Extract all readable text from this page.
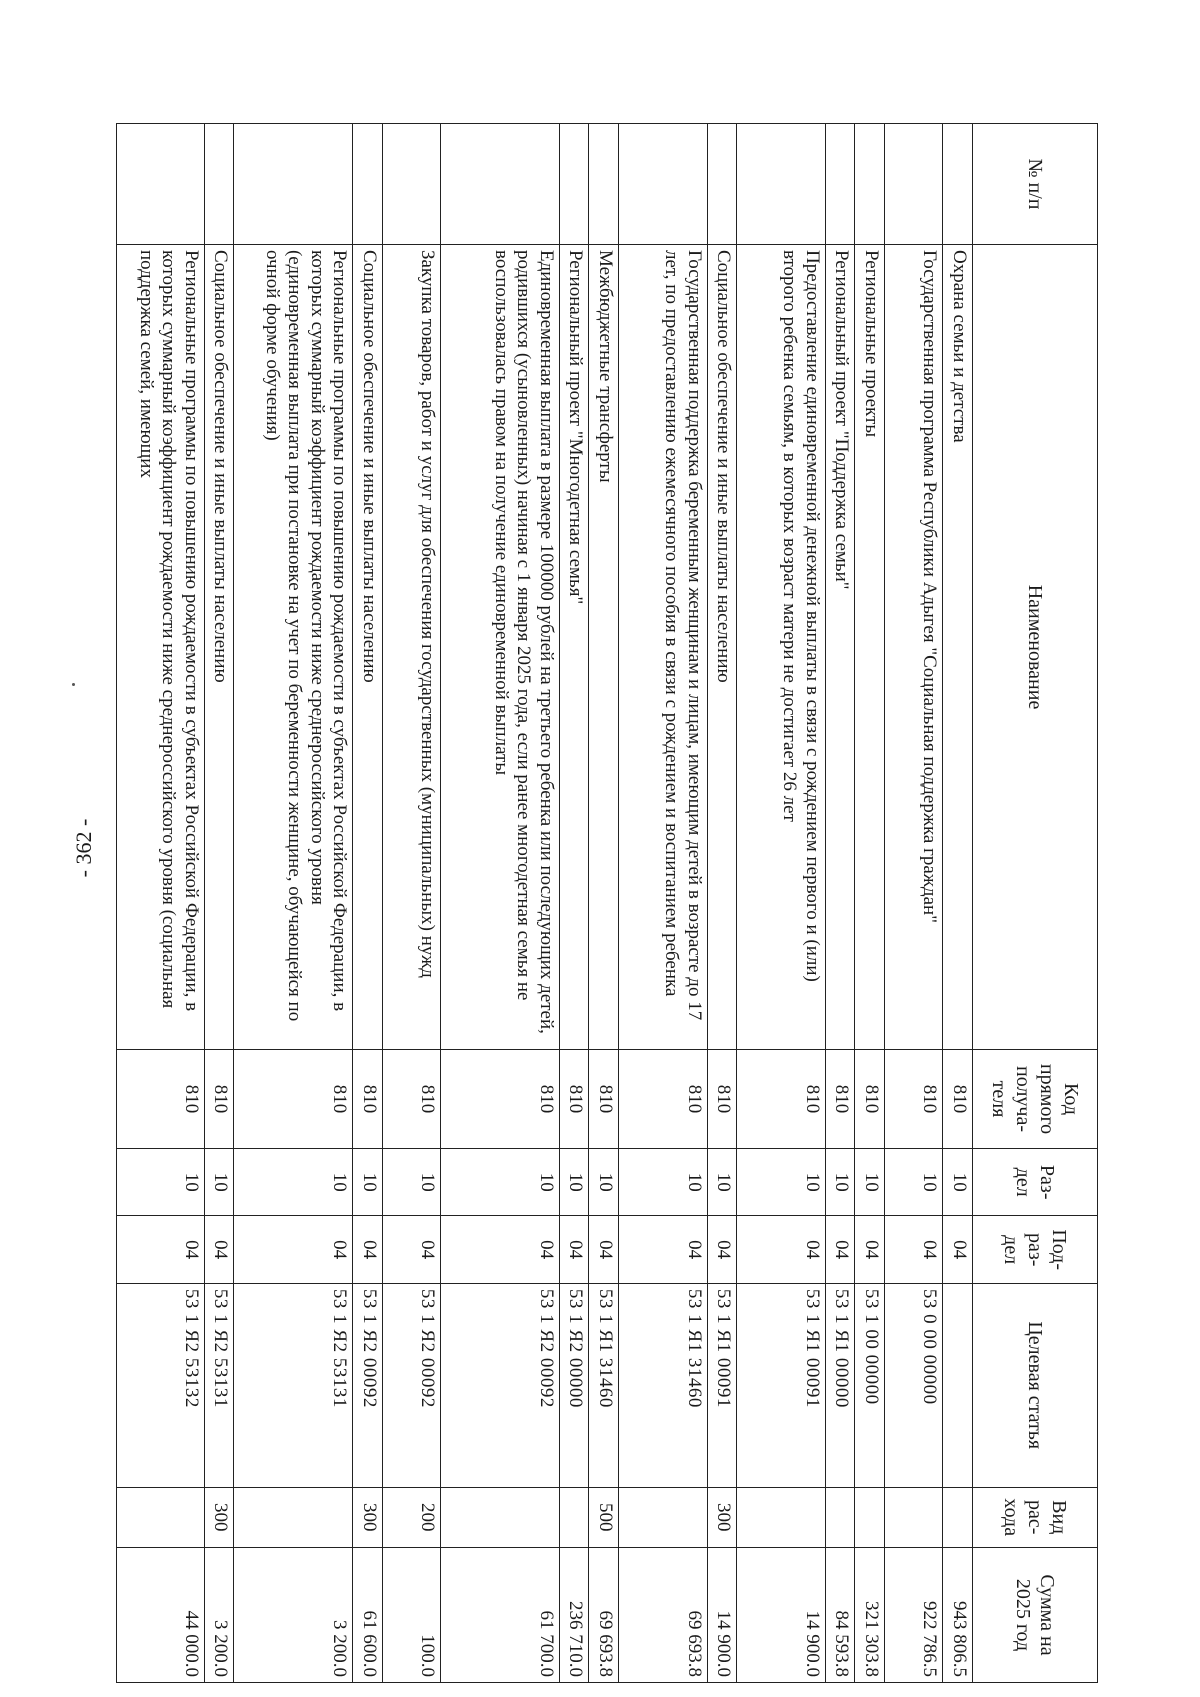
- 362 -
№ п/п	Наименование	Код прямого получа-теля	Раз-дел	Под-раз-дел	Целевая статья	Вид рас-хода	Сумма на 2025 год
	Охрана семьи и детства	810	10	04			943 806.5
	Государственная программа Республики Адыгея "Социальная поддержка граждан"	810	10	04	53 0 00 00000		922 786.5
	Региональные проекты	810	10	04	53 1 00 00000		321 303.8
	Региональный проект "Поддержка семьи"	810	10	04	53 1 Я1 00000		84 593.8
	Предоставление единовременной денежной выплаты в связи с рождением первого и (или) второго ребенка семьям, в которых возраст матери не достигает 26 лет	810	10	04	53 1 Я1 00091		14 900.0
	Социальное обеспечение и иные выплаты населению	810	10	04	53 1 Я1 00091	300	14 900.0
	Государственная поддержка беременным женщинам и лицам, имеющим детей в возрасте до 17 лет, по предоставлению ежемесячного пособия в связи с рождением и воспитанием ребенка	810	10	04	53 1 Я1 31460		69 693.8
	Межбюджетные трансферты	810	10	04	53 1 Я1 31460	500	69 693.8
	Региональный проект "Многодетная семья"	810	10	04	53 1 Я2 00000		236 710.0
	Единовременная выплата в размере 100000 рублей на третьего ребенка или последующих детей, родившихся (усыновленных) начиная с 1 января 2025 года, если ранее многодетная семья не воспользовалась правом на получение единовременной выплаты	810	10	04	53 1 Я2 00092		61 700.0
	Закупка товаров, работ и услуг для обеспечения государственных (муниципальных) нужд	810	10	04	53 1 Я2 00092	200	100.0
	Социальное обеспечение и иные выплаты населению	810	10	04	53 1 Я2 00092	300	61 600.0
	Региональные программы по повышению рождаемости в субъектах Российской Федерации, в которых суммарный коэффициент рождаемости ниже среднероссийского уровня (единовременная выплата при постановке на учет по беременности женщине, обучающейся по очной форме обучения)	810	10	04	53 1 Я2 53131		3 200.0
	Социальное обеспечение и иные выплаты населению	810	10	04	53 1 Я2 53131	300	3 200.0
	Региональные программы по повышению рождаемости в субъектах Российской Федерации, в которых суммарный коэффициент рождаемости ниже среднероссийского уровня (социальная поддержка семей, имеющих	810	10	04	53 1 Я2 53132		44 000.0
